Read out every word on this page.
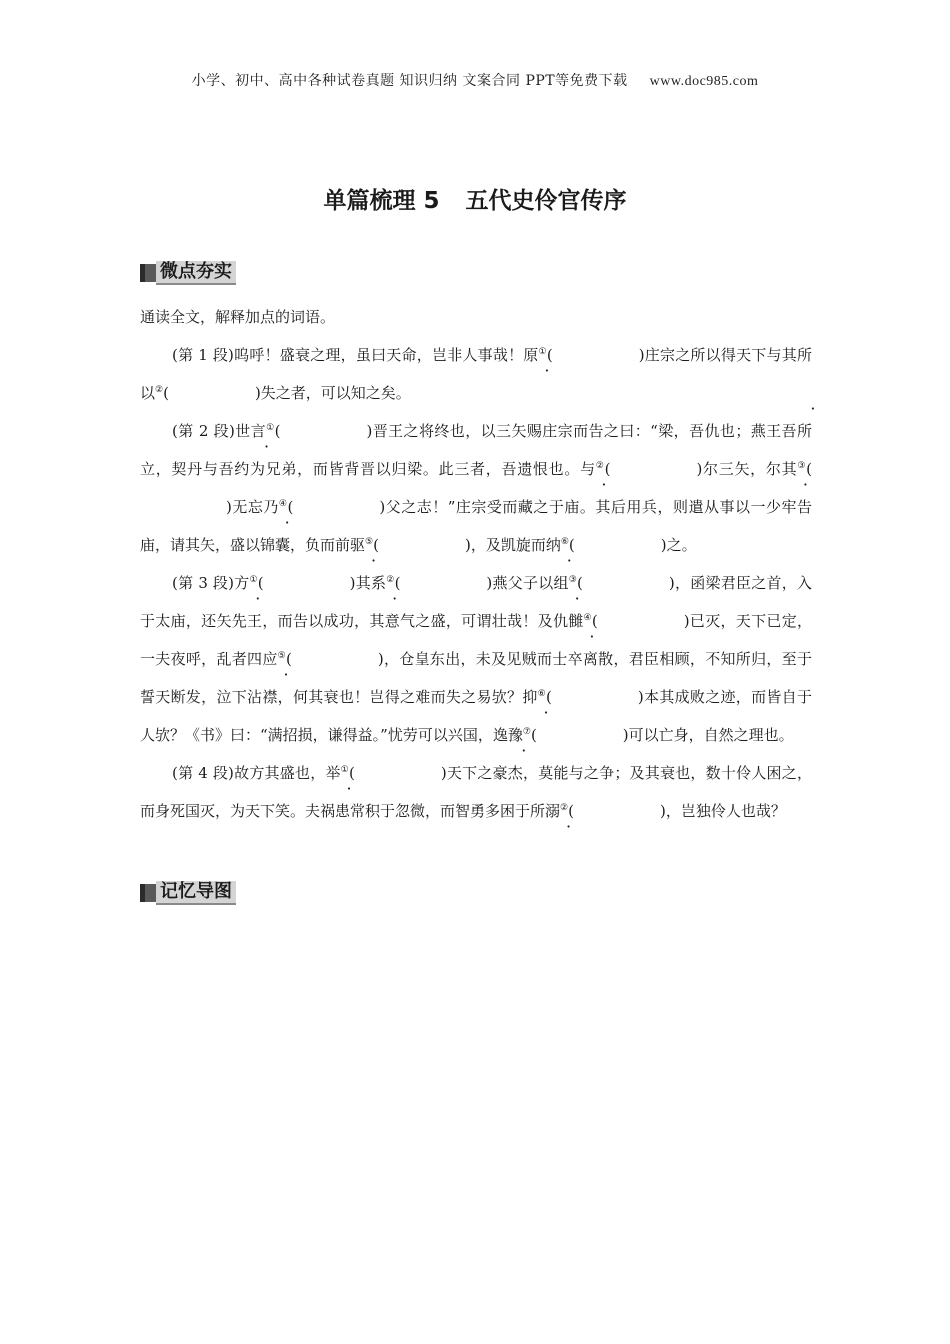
小学、初中、高中各种试卷真题 知识归纳 文案合同 PPT等免费下载 www.doc985.com
单篇梳理 5 五代史伶官传序
微点夯实

通读全文，解释加点的词语。

(第 1 段)呜呼！盛衰之理，虽曰天命，岂非人事哉！原①(	)庄宗之所以得天下与其所以②(	)失之者，可以知之矣。

(第 2 段)世言①(	)晋王之将终也，以三矢赐庄宗而告之曰：“梁，吾仇也；燕王吾所立，契丹与吾约为兄弟，而皆背晋以归梁。此三者，吾遗恨也。与②(	)尔三矢，尔其③()无忘乃④(	)父之志！”庄宗受而藏之于庙。其后用兵，则遣从事以一少牢告庙，请其矢，盛以锦囊，负而前驱⑤(	)，及凯旋而纳⑥(	)之。

(第 3 段)方①(	)其系②(	)燕父子以组③(	)，函梁君臣之首，入于太庙，还矢先王，而告以成功，其意气之盛，可谓壮哉！及仇雠④(	)已灭，天下已定，一夫夜呼，乱者四应⑤(	)，仓皇东出，未及见贼而士卒离散，君臣相顾，不知所归，至于誓天断发，泣下沾襟，何其衰也！岂得之难而失之易欤？抑⑥(	)本其成败之迹，而皆自于人欤？《书》曰：“满招损，谦得益。”忧劳可以兴国，逸豫⑦(	)可以亡身，自然之理也。

(第 4 段)故方其盛也，举①(	)天下之豪杰，莫能与之争；及其衰也，数十伶人困之，而身死国灭，为天下笑。夫祸患常积于忽微，而智勇多困于所溺②(	)，岂独伶人也哉？

记忆导图
